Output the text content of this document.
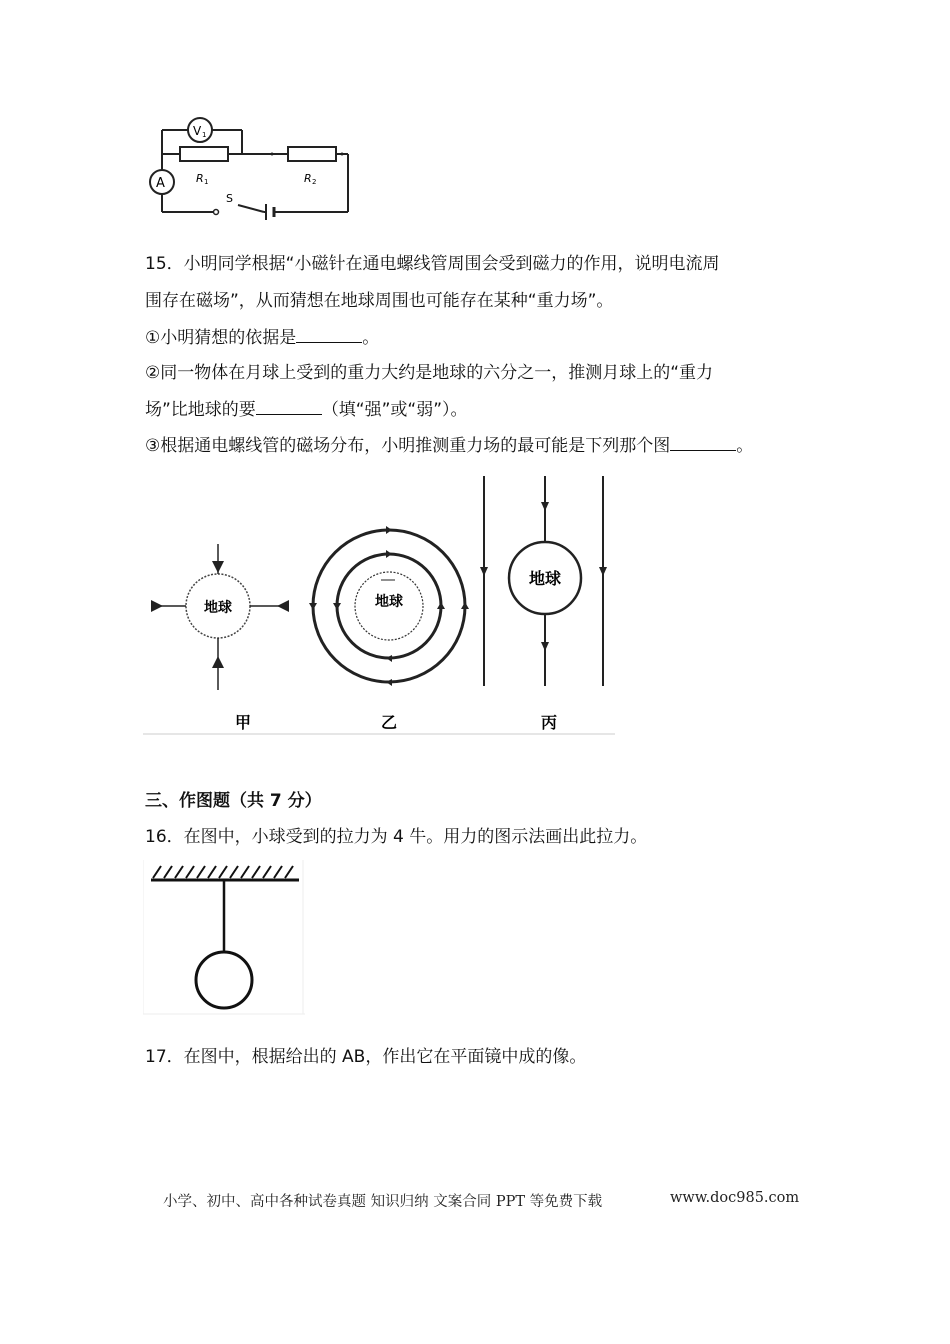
V 1
A	R 1	R 2
S
15．小明同学根据“小磁针在通电螺线管周围会受到磁力的作用，说明电流周
围存在磁场”，从而猜想在地球周围也可能存在某种“重力场”。
①小明猜想的依据是	。
②同一物体在月球上受到的重力大约是地球的六分之一，推测月球上的“重力
场”比地球的要	（填“强”或“弱”）。
③根据通电螺线管的磁场分布，小明推测重力场的最可能是下列那个图	。
地球	地球
地球
甲	乙	丙
三、作图题（共 7 分）
16．在图中，小球受到的拉力为 4 牛。用力的图示法画出此拉力。
17．在图中，根据给出的 AB，作出它在平面镜中成的像。
小学、初中、高中各种试卷真题 知识归纳 文案合同 PPT 等免费下载	www.doc985.com
